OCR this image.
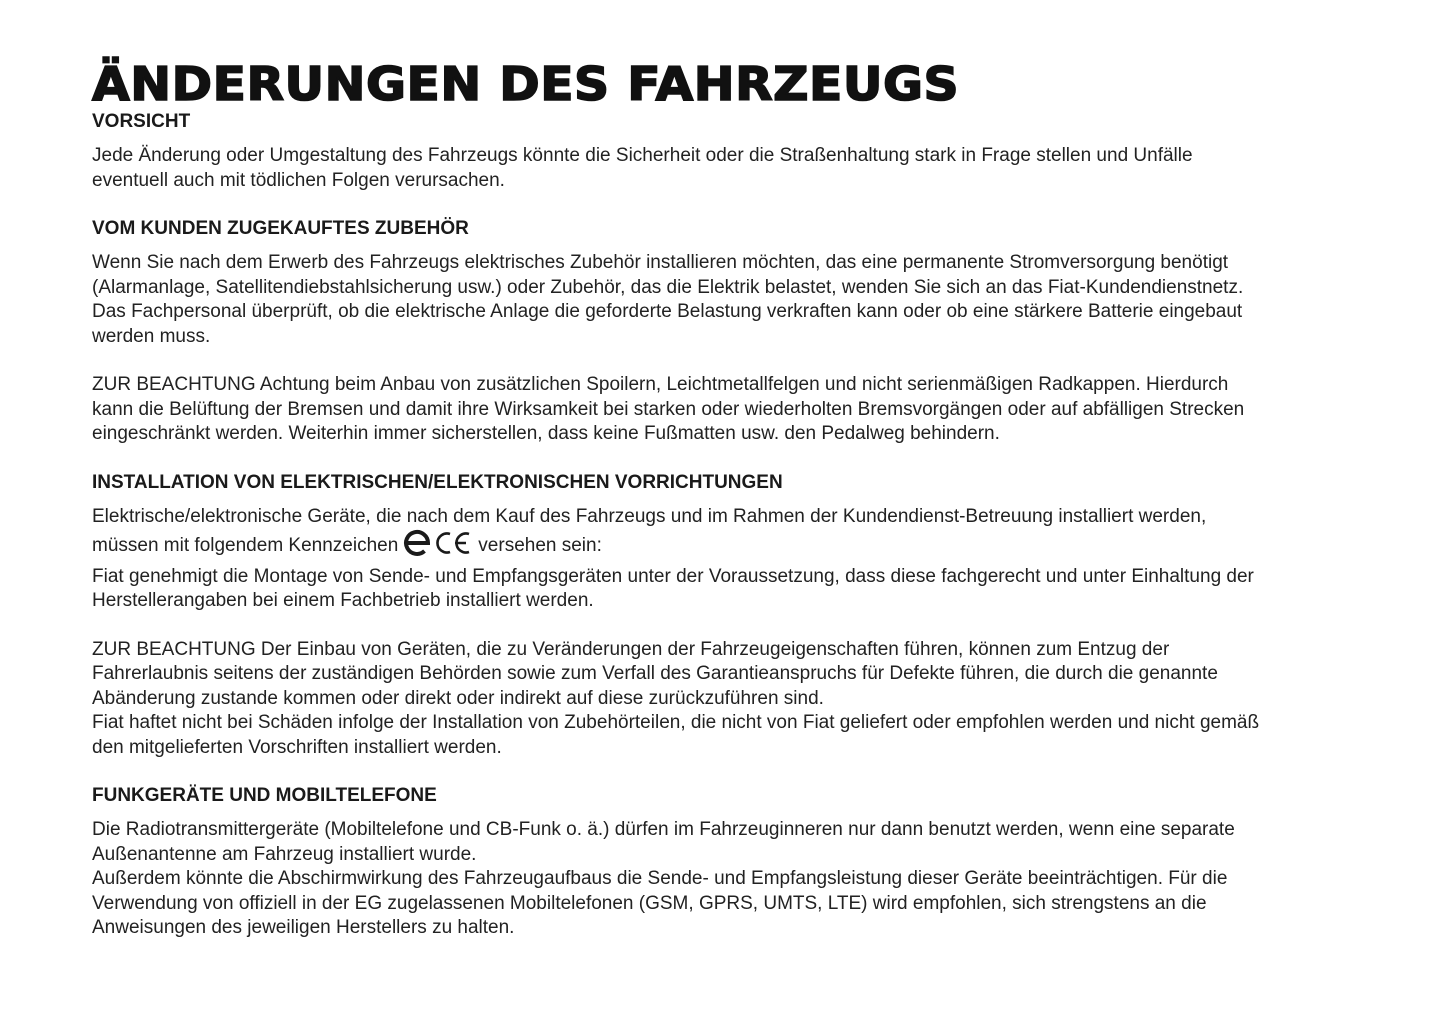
ÄNDERUNGEN DES FAHRZEUGS
VORSICHT

Jede Änderung oder Umgestaltung des Fahrzeugs könnte die Sicherheit oder die Straßenhaltung stark in Frage stellen und Unfälle eventuell auch mit tödlichen Folgen verursachen.

VOM KUNDEN ZUGEKAUFTES ZUBEHÖR

Wenn Sie nach dem Erwerb des Fahrzeugs elektrisches Zubehör installieren möchten, das eine permanente Stromversorgung benötigt (Alarmanlage, Satellitendiebstahlsicherung usw.) oder Zubehör, das die Elektrik belastet, wenden Sie sich an das Fiat-Kundendienstnetz. Das Fachpersonal überprüft, ob die elektrische Anlage die geforderte Belastung verkraften kann oder ob eine stärkere Batterie eingebaut werden muss.

ZUR BEACHTUNG Achtung beim Anbau von zusätzlichen Spoilern, Leichtmetallfelgen und nicht serienmäßigen Radkappen. Hierdurch kann die Belüftung der Bremsen und damit ihre Wirksamkeit bei starken oder wiederholten Bremsvorgängen oder auf abfälligen Strecken eingeschränkt werden. Weiterhin immer sicherstellen, dass keine Fußmatten usw. den Pedalweg behindern.

INSTALLATION VON ELEKTRISCHEN/ELEKTRONISCHEN VORRICHTUNGEN

Elektrische/elektronische Geräte, die nach dem Kauf des Fahrzeugs und im Rahmen der Kundendienst-Betreuung installiert werden, müssen mit folgendem Kennzeichen	versehen sein:
Fiat genehmigt die Montage von Sende- und Empfangsgeräten unter der Voraussetzung, dass diese fachgerecht und unter Einhaltung der Herstellerangaben bei einem Fachbetrieb installiert werden.

ZUR BEACHTUNG Der Einbau von Geräten, die zu Veränderungen der Fahrzeugeigenschaften führen, können zum Entzug der Fahrerlaubnis seitens der zuständigen Behörden sowie zum Verfall des Garantieanspruchs für Defekte führen, die durch die genannte Abänderung zustande kommen oder direkt oder indirekt auf diese zurückzuführen sind.
Fiat haftet nicht bei Schäden infolge der Installation von Zubehörteilen, die nicht von Fiat geliefert oder empfohlen werden und nicht gemäß den mitgelieferten Vorschriften installiert werden.

FUNKGERÄTE UND MOBILTELEFONE

Die Radiotransmittergeräte (Mobiltelefone und CB-Funk o. ä.) dürfen im Fahrzeuginneren nur dann benutzt werden, wenn eine separate Außenantenne am Fahrzeug installiert wurde.
Außerdem könnte die Abschirmwirkung des Fahrzeugaufbaus die Sende- und Empfangsleistung dieser Geräte beeinträchtigen. Für die Verwendung von offiziell in der EG zugelassenen Mobiltelefonen (GSM, GPRS, UMTS, LTE) wird empfohlen, sich strengstens an die Anweisungen des jeweiligen Herstellers zu halten.
